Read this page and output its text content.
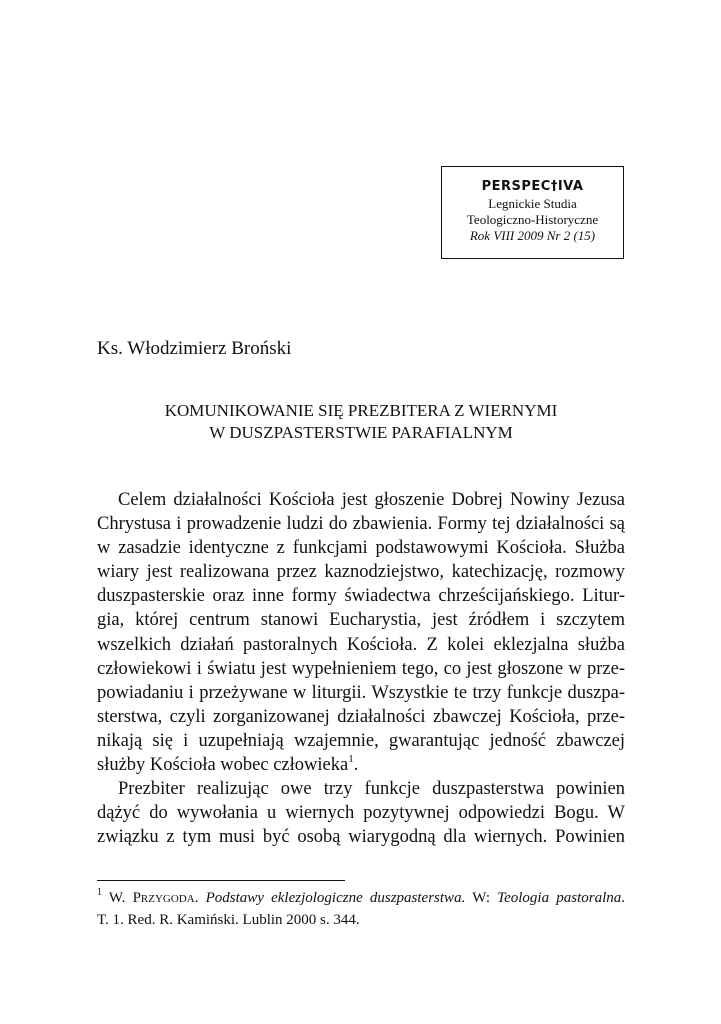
PERSPEC†IVA
Legnickie Studia
Teologiczno-Historyczne
Rok VIII 2009 Nr 2 (15)
Ks. Włodzimierz Broński
KOMUNIKOWANIE SIĘ PREZBITERA Z WIERNYMI
W DUSZPASTERSTWIE PARAFIALNYM
Celem działalności Kościoła jest głoszenie Dobrej Nowiny Jezusa
Chrystusa i prowadzenie ludzi do zbawienia. Formy tej działalności są
w zasadzie identyczne z funkcjami podstawowymi Kościoła. Służba
wiary jest realizowana przez kaznodziejstwo, katechizację, rozmowy
duszpasterskie oraz inne formy świadectwa chrześcijańskiego. Litur-
gia, której centrum stanowi Eucharystia, jest źródłem i szczytem
wszelkich działań pastoralnych Kościoła. Z kolei eklezjalna służba
człowiekowi i światu jest wypełnieniem tego, co jest głoszone w prze-
powiadaniu i przeżywane w liturgii. Wszystkie te trzy funkcje duszpa-
sterstwa, czyli zorganizowanej działalności zbawczej Kościoła, prze-
nikają się i uzupełniają wzajemnie, gwarantując jedność zbawczej
służby Kościoła wobec człowieka$^1$.
Prezbiter realizując owe trzy funkcje duszpasterstwa powinien
dążyć do wywołania u wiernych pozytywnej odpowiedzi Bogu. W
związku z tym musi być osobą wiarygodną dla wiernych. Powinien
$^1$ W. Przygoda. Podstawy eklezjologiczne duszpasterstwa. W: Teologia pastoralna.
T. 1. Red. R. Kamiński. Lublin 2000 s. 344.
